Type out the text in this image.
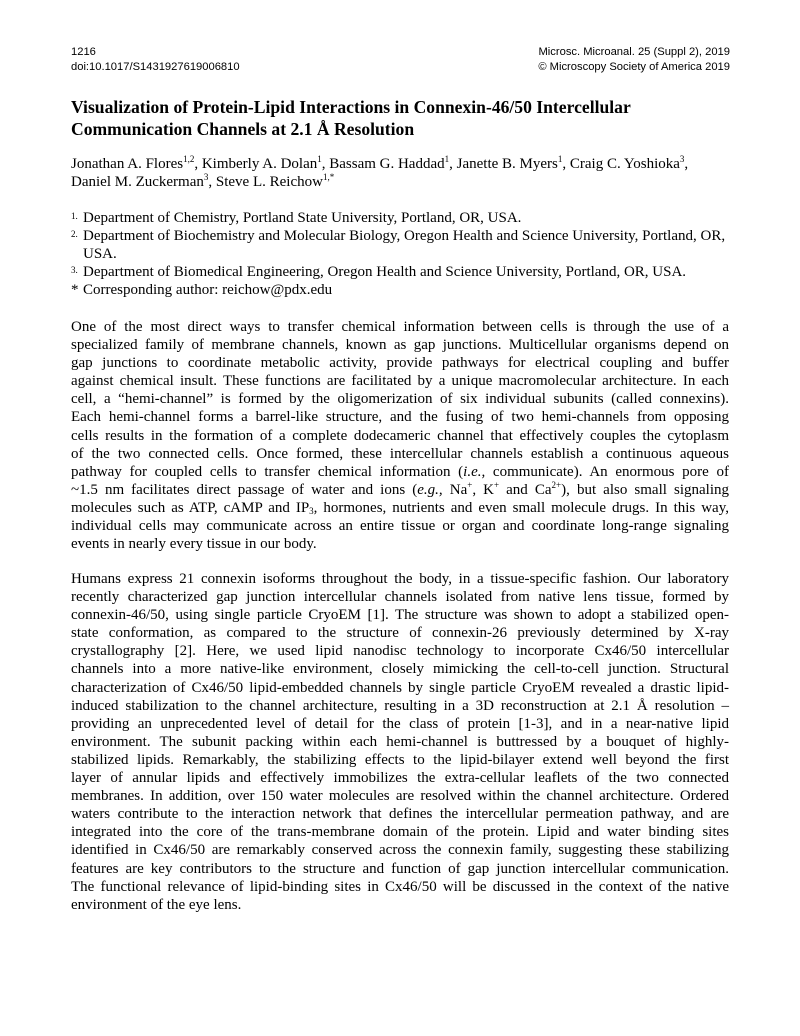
1216
doi:10.1017/S1431927619006810
Microsc. Microanal. 25 (Suppl 2), 2019
© Microscopy Society of America 2019
Visualization of Protein-Lipid Interactions in Connexin-46/50 Intercellular
Communication Channels at 2.1 Å Resolution
Jonathan A. Flores$^{1,2}$, Kimberly A. Dolan$^1$, Bassam G. Haddad$^1$, Janette B. Myers$^1$, Craig C. Yoshioka$^3$, Daniel M. Zuckerman$^3$, Steve L. Reichow$^{1,*}$
1. Department of Chemistry, Portland State University, Portland, OR, USA.
2. Department of Biochemistry and Molecular Biology, Oregon Health and Science University, Portland, OR, USA.
3. Department of Biomedical Engineering, Oregon Health and Science University, Portland, OR, USA.
* Corresponding author: reichow@pdx.edu
One of the most direct ways to transfer chemical information between cells is through the use of a
specialized family of membrane channels, known as gap junctions. Multicellular organisms depend on
gap junctions to coordinate metabolic activity, provide pathways for electrical coupling and buffer
against chemical insult. These functions are facilitated by a unique macromolecular architecture. In each
cell, a “hemi-channel” is formed by the oligomerization of six individual subunits (called connexins).
Each hemi-channel forms a barrel-like structure, and the fusing of two hemi-channels from opposing
cells results in the formation of a complete dodecameric channel that effectively couples the cytoplasm
of the two connected cells. Once formed, these intercellular channels establish a continuous aqueous
pathway for coupled cells to transfer chemical information (i.e., communicate). An enormous pore of
~1.5 nm facilitates direct passage of water and ions (e.g., Na+, K+ and $Ca^{2+}$), but also small signaling
molecules such as ATP, cAMP and $IP_3$, hormones, nutrients and even small molecule drugs. In this way,
individual cells may communicate across an entire tissue or organ and coordinate long-range signaling
events in nearly every tissue in our body.
Humans express 21 connexin isoforms throughout the body, in a tissue-specific fashion. Our laboratory
recently characterized gap junction intercellular channels isolated from native lens tissue, formed by
connexin-46/50, using single particle CryoEM [1]. The structure was shown to adopt a stabilized open-
state conformation, as compared to the structure of connexin-26 previously determined by X-ray
crystallography [2]. Here, we used lipid nanodisc technology to incorporate Cx46/50 intercellular
channels into a more native-like environment, closely mimicking the cell-to-cell junction. Structural
characterization of Cx46/50 lipid-embedded channels by single particle CryoEM revealed a drastic lipid-
induced stabilization to the channel architecture, resulting in a 3D reconstruction at 2.1 Å resolution –
providing an unprecedented level of detail for the class of protein [1-3], and in a near-native lipid
environment. The subunit packing within each hemi-channel is buttressed by a bouquet of highly-
stabilized lipids. Remarkably, the stabilizing effects to the lipid-bilayer extend well beyond the first
layer of annular lipids and effectively immobilizes the extra-cellular leaflets of the two connected
membranes. In addition, over 150 water molecules are resolved within the channel architecture. Ordered
waters contribute to the interaction network that defines the intercellular permeation pathway, and are
integrated into the core of the trans-membrane domain of the protein. Lipid and water binding sites
identified in Cx46/50 are remarkably conserved across the connexin family, suggesting these stabilizing
features are key contributors to the structure and function of gap junction intercellular communication.
The functional relevance of lipid-binding sites in Cx46/50 will be discussed in the context of the native
environment of the eye lens.
